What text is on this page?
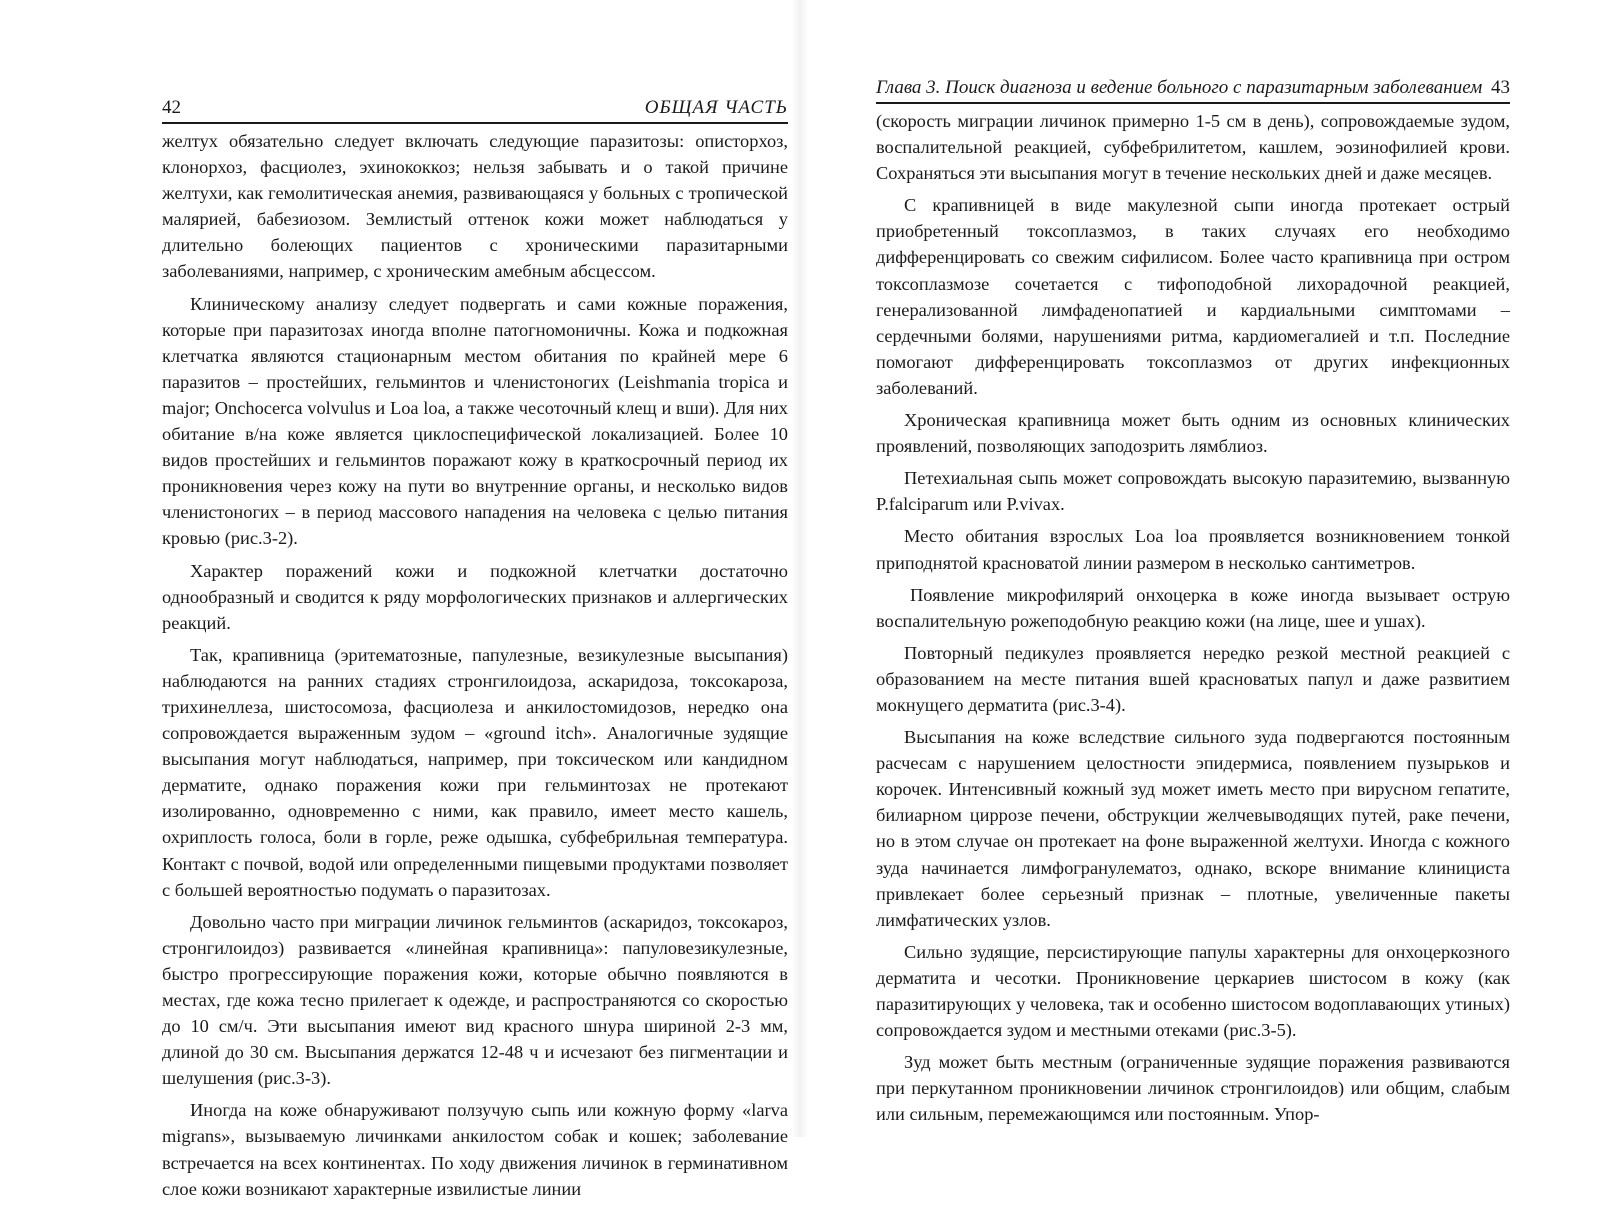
42	ОБЩАЯ ЧАСТЬ

желтух обязательно следует включать следующие паразитозы: описторхоз, клонорхоз, фасциолез, эхинококкоз; нельзя забывать и о такой причине желтухи, как гемолитическая анемия, развивающаяся у больных с тропической малярией, бабезиозом. Землистый оттенок кожи может наблюдаться у длительно болеющих пациентов с хроническими паразитарными заболеваниями, например, с хроническим амебным абсцессом.

Клиническому анализу следует подвергать и сами кожные поражения, которые при паразитозах иногда вполне патогномоничны. Кожа и подкожная клетчатка являются стационарным местом обитания по крайней мере 6 паразитов – простейших, гельминтов и членистоногих (Leishmania tropica и major; Onchocerca volvulus и Loa loa, а также чесоточный клещ и вши). Для них обитание в/на коже является циклоспецифической локализацией. Более 10 видов простейших и гельминтов поражают кожу в краткосрочный период их проникновения через кожу на пути во внутренние органы, и несколько видов членистоногих – в период массового нападения на человека с целью питания кровью (рис.3-2).

Характер поражений кожи и подкожной клетчатки достаточно однообразный и сводится к ряду морфологических признаков и аллергических реакций.

Так, крапивница (эритематозные, папулезные, везикулезные высыпания) наблюдаются на ранних стадиях стронгилоидоза, аскаридоза, токсокароза, трихинеллеза, шистосомоза, фасциолеза и анкилостомидозов, нередко она сопровождается выраженным зудом – «ground itch». Аналогичные зудящие высыпания могут наблюдаться, например, при токсическом или кандидном дерматите, однако поражения кожи при гельминтозах не протекают изолированно, одновременно с ними, как правило, имеет место кашель, охриплость голоса, боли в горле, реже одышка, субфебрильная температура. Контакт с почвой, водой или определенными пищевыми продуктами позволяет с большей вероятностью подумать о паразитозах.

Довольно часто при миграции личинок гельминтов (аскаридоз, токсокароз, стронгилоидоз) развивается «линейная крапивница»: папуловезикулезные, быстро прогрессирующие поражения кожи, которые обычно появляются в местах, где кожа тесно прилегает к одежде, и распространяются со скоростью до 10 см/ч. Эти высыпания имеют вид красного шнура шириной 2-3 мм, длиной до 30 см. Высыпания держатся 12-48 ч и исчезают без пигментации и шелушения (рис.3-3).

Иногда на коже обнаруживают ползучую сыпь или кожную форму «larva migrans», вызываемую личинками анкилостом собак и кошек; заболевание встречается на всех континентах. По ходу движения личинок в герминативном слое кожи возникают характерные извилистые линии

Глава 3. Поиск диагноза и ведение больного с паразитарным заболеванием 43

(скорость миграции личинок примерно 1-5 см в день), сопровождаемые зудом, воспалительной реакцией, субфебрилитетом, кашлем, эозинофилией крови. Сохраняться эти высыпания могут в течение нескольких дней и даже месяцев.

С крапивницей в виде макулезной сыпи иногда протекает острый приобретенный токсоплазмоз, в таких случаях его необходимо дифференцировать со свежим сифилисом. Более часто крапивница при остром токсоплазмозе сочетается с тифоподобной лихорадочной реакцией, генерализованной лимфаденопатией и кардиальными симптомами – сердечными болями, нарушениями ритма, кардиомегалией и т.п. Последние помогают дифференцировать токсоплазмоз от других инфекционных заболеваний.

Хроническая крапивница может быть одним из основных клинических проявлений, позволяющих заподозрить лямблиоз.

Петехиальная сыпь может сопровождать высокую паразитемию, вызванную P.falciparum или P.vivax.

Место обитания взрослых Loa loa проявляется возникновением тонкой приподнятой красноватой линии размером в несколько сантиметров.

Появление микрофилярий онхоцерка в коже иногда вызывает острую воспалительную рожеподобную реакцию кожи (на лице, шее и ушах).

Повторный педикулез проявляется нередко резкой местной реакцией с образованием на месте питания вшей красноватых папул и даже развитием мокнущего дерматита (рис.3-4).

Высыпания на коже вследствие сильного зуда подвергаются постоянным расчесам с нарушением целостности эпидермиса, появлением пузырьков и корочек. Интенсивный кожный зуд может иметь место при вирусном гепатите, билиарном циррозе печени, обструкции желчевыводящих путей, раке печени, но в этом случае он протекает на фоне выраженной желтухи. Иногда с кожного зуда начинается лимфогранулематоз, однако, вскоре внимание клинициста привлекает более серьезный признак – плотные, увеличенные пакеты лимфатических узлов.

Сильно зудящие, персистирующие папулы характерны для онхоцеркозного дерматита и чесотки. Проникновение церкариев шистосом в кожу (как паразитирующих у человека, так и особенно шистосом водоплавающих утиных) сопровождается зудом и местными отеками (рис.3-5).

Зуд может быть местным (ограниченные зудящие поражения развиваются при перкутанном проникновении личинок стронгилоидов) или общим, слабым или сильным, перемежающимся или постоянным. Упор-
